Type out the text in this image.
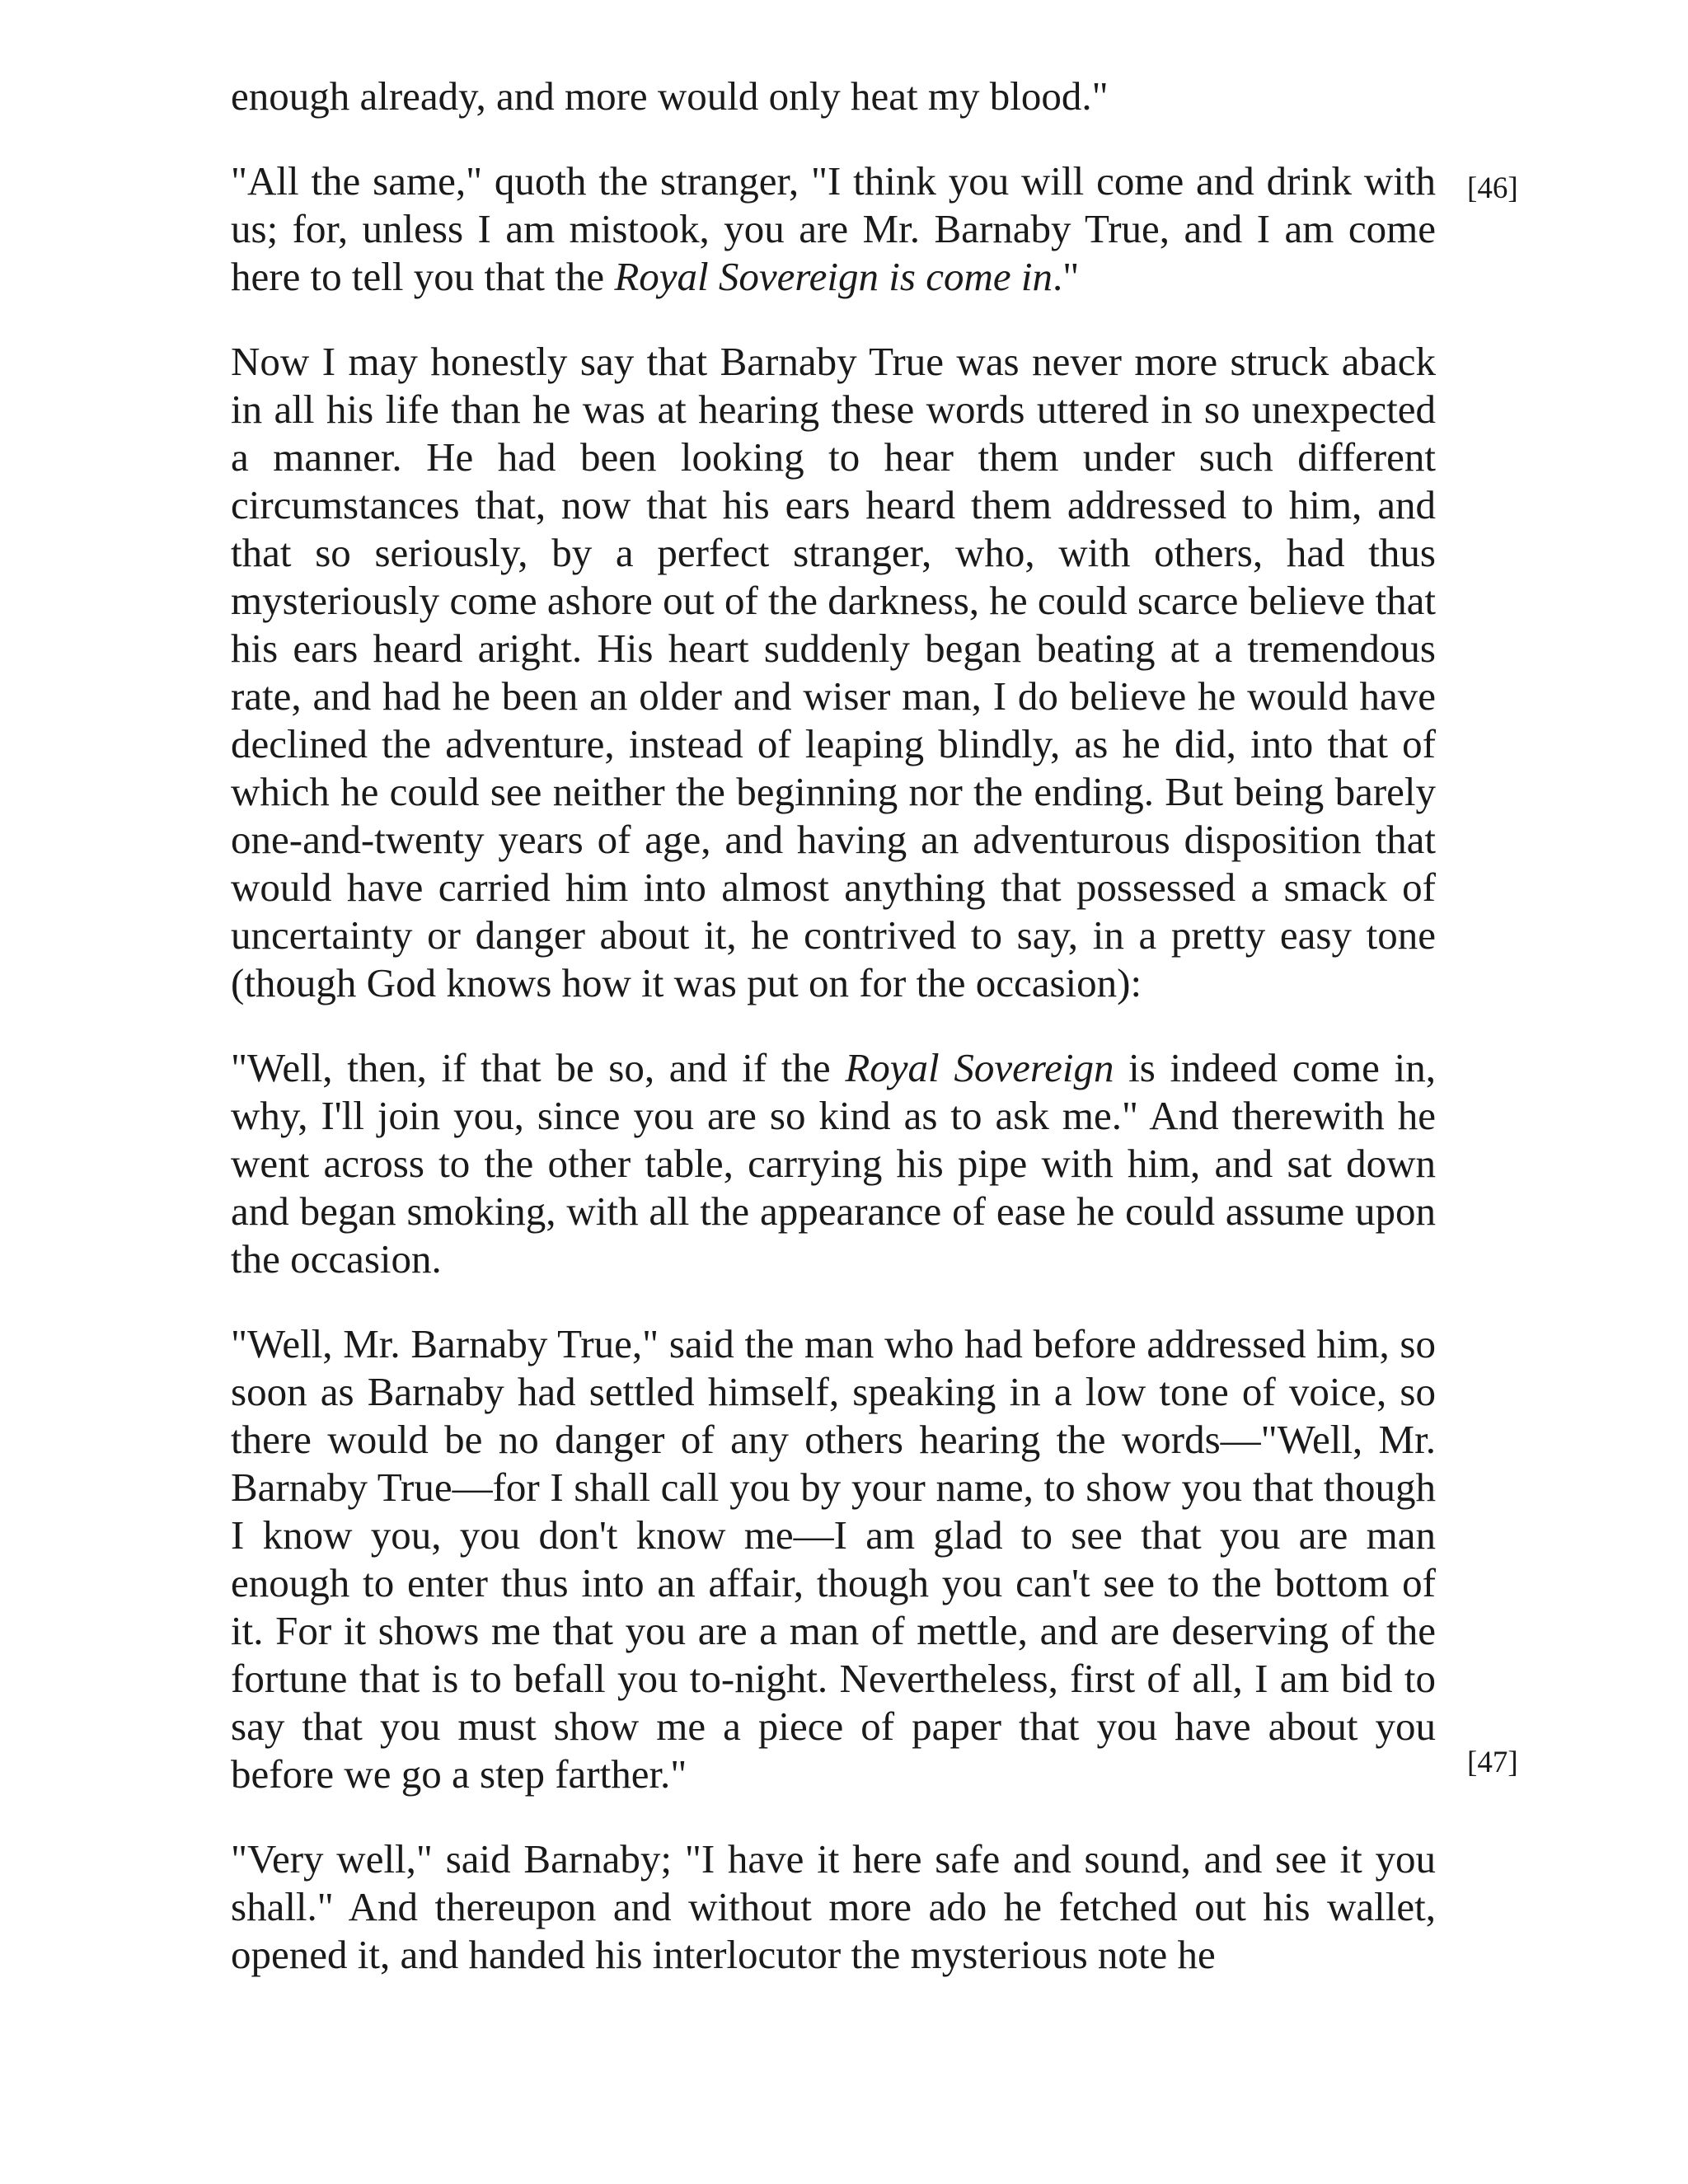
enough already, and more would only heat my blood."

"All the same," quoth the stranger, "I think you will come and drink with us; for, unless I am mistook, you are Mr. Barnaby True, and I am come here to tell you that the Royal Sovereign is come in."

Now I may honestly say that Barnaby True was never more struck aback in all his life than he was at hearing these words uttered in so unexpected a manner. He had been looking to hear them under such different circumstances that, now that his ears heard them addressed to him, and that so seriously, by a perfect stranger, who, with others, had thus mysteriously come ashore out of the darkness, he could scarce believe that his ears heard aright. His heart suddenly began beating at a tremendous rate, and had he been an older and wiser man, I do believe he would have declined the adventure, instead of leaping blindly, as he did, into that of which he could see neither the beginning nor the ending. But being barely one-and-twenty years of age, and having an adventurous disposition that would have carried him into almost anything that possessed a smack of uncertainty or danger about it, he contrived to say, in a pretty easy tone (though God knows how it was put on for the occasion):

"Well, then, if that be so, and if the Royal Sovereign is indeed come in, why, I'll join you, since you are so kind as to ask me." And therewith he went across to the other table, carrying his pipe with him, and sat down and began smoking, with all the appearance of ease he could assume upon the occasion.

"Well, Mr. Barnaby True," said the man who had before addressed him, so soon as Barnaby had settled himself, speaking in a low tone of voice, so there would be no danger of any others hearing the words—"Well, Mr. Barnaby True—for I shall call you by your name, to show you that though I know you, you don't know me—I am glad to see that you are man enough to enter thus into an affair, though you can't see to the bottom of it. For it shows me that you are a man of mettle, and are deserving of the fortune that is to befall you to-night. Nevertheless, first of all, I am bid to say that you must show me a piece of paper that you have about you before we go a step farther."

"Very well," said Barnaby; "I have it here safe and sound, and see it you shall." And thereupon and without more ado he fetched out his wallet, opened it, and handed his interlocutor the mysterious note he

[46]
[47]
